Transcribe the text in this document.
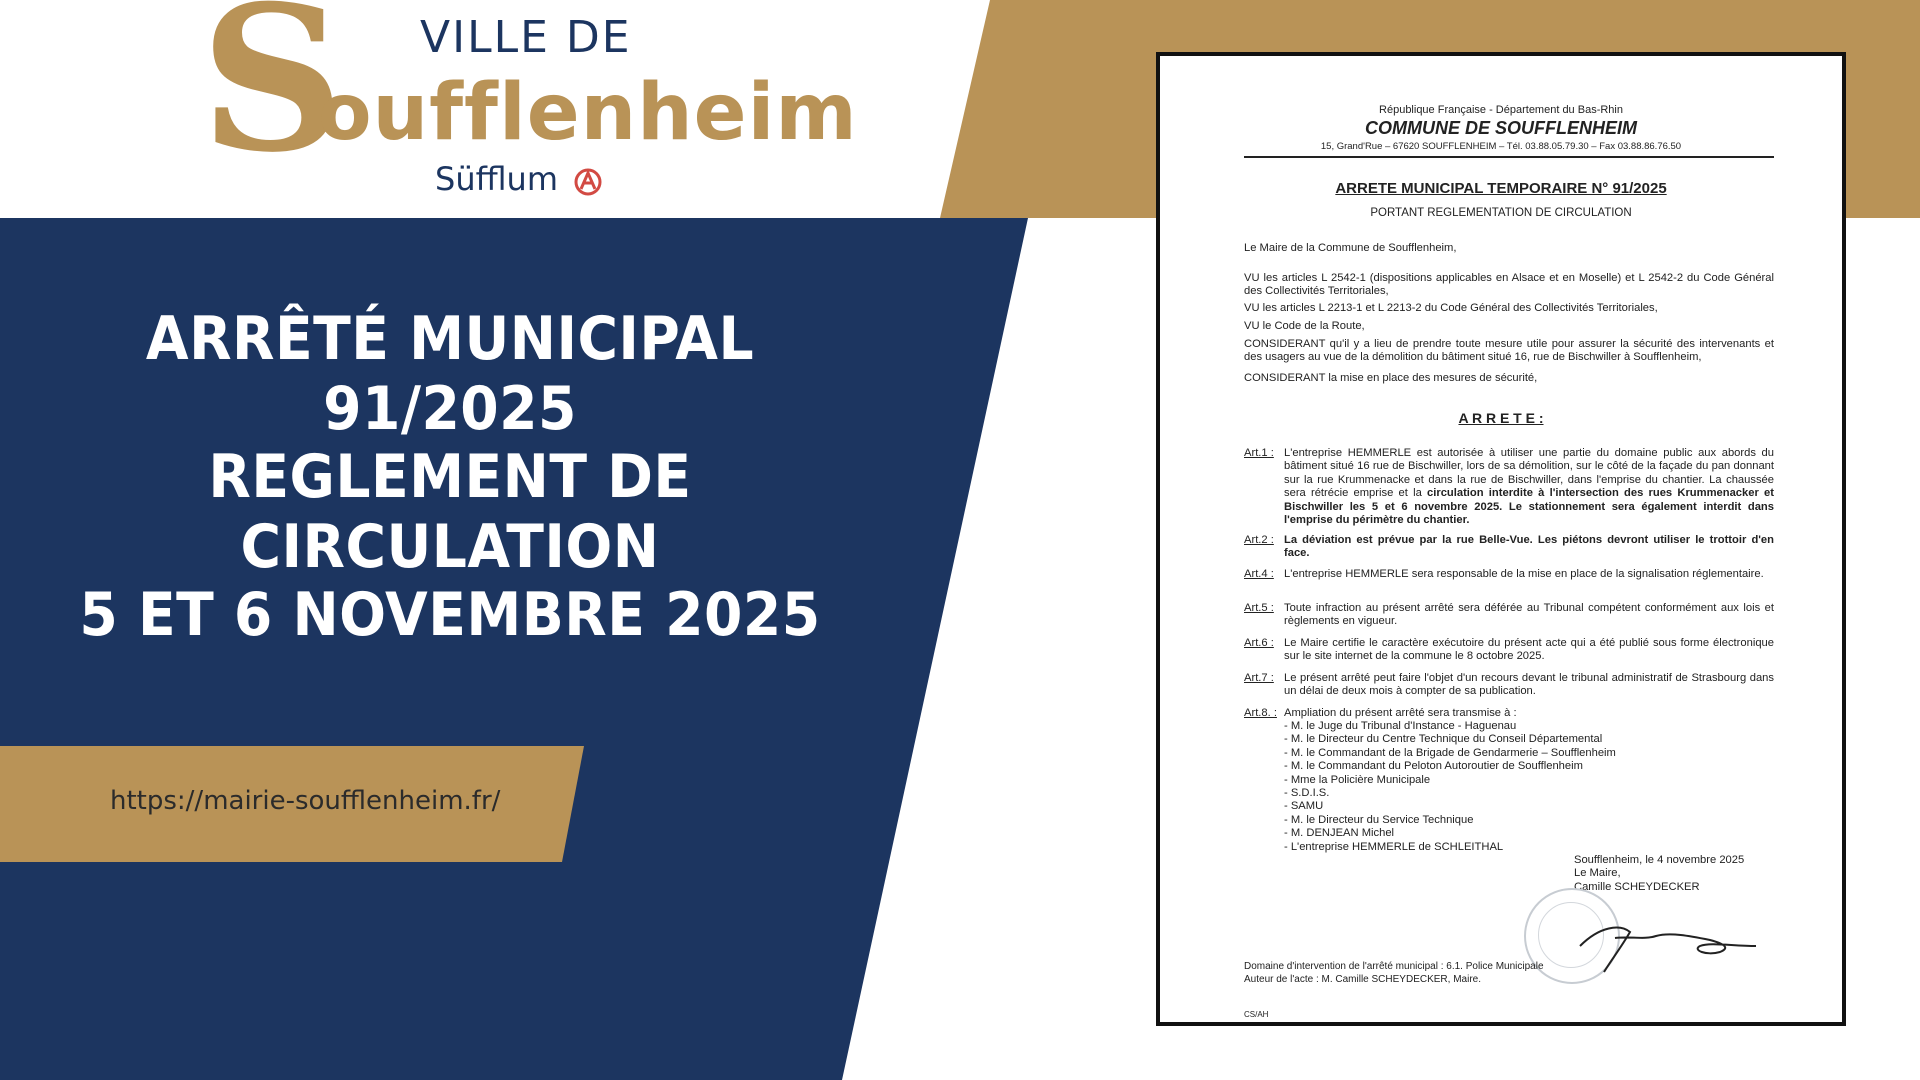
VILLE DE
S
oufflenheim
Süfflum
ARRÊTÉ MUNICIPAL 91/2025
REGLEMENT DE CIRCULATION
5 ET 6 NOVEMBRE 2025
https://mairie-soufflenheim.fr/
République Française - Département du Bas-Rhin
COMMUNE DE SOUFFLENHEIM
15, Grand'Rue – 67620 SOUFFLENHEIM – Tél. 03.88.05.79.30 – Fax 03.88.86.76.50
ARRETE MUNICIPAL TEMPORAIRE N° 91/2025
PORTANT REGLEMENTATION DE CIRCULATION
Le Maire de la Commune de Soufflenheim,
VU les articles L 2542-1 (dispositions applicables en Alsace et en Moselle) et L 2542-2 du Code Général des Collectivités Territoriales,
VU les articles L 2213-1 et L 2213-2 du Code Général des Collectivités Territoriales,
VU le Code de la Route,
CONSIDERANT qu'il y a lieu de prendre toute mesure utile pour assurer la sécurité des intervenants et des usagers au vue de la démolition du bâtiment situé 16, rue de Bischwiller à Soufflenheim,
CONSIDERANT la mise en place des mesures de sécurité,
A R R E T E :
Art.1 : L'entreprise HEMMERLE est autorisée à utiliser une partie du domaine public aux abords du bâtiment situé 16 rue de Bischwiller, lors de sa démolition, sur le côté de la façade du pan donnant sur la rue Krummenacke et dans la rue de Bischwiller, dans l'emprise du chantier. La chaussée sera rétrécie emprise et la circulation interdite à l'intersection des rues Krummenacker et Bischwiller les 5 et 6 novembre 2025. Le stationnement sera également interdit dans l'emprise du périmètre du chantier.
Art.2 : La déviation est prévue par la rue Belle-Vue. Les piétons devront utiliser le trottoir d'en face.
Art.4 : L'entreprise HEMMERLE sera responsable de la mise en place de la signalisation réglementaire.
Art.5 : Toute infraction au présent arrêté sera déférée au Tribunal compétent conformément aux lois et règlements en vigueur.
Art.6 : Le Maire certifie le caractère exécutoire du présent acte qui a été publié sous forme électronique sur le site internet de la commune le 8 octobre 2025.
Art.7 : Le présent arrêté peut faire l'objet d'un recours devant le tribunal administratif de Strasbourg dans un délai de deux mois à compter de sa publication.
Art.8. : Ampliation du présent arrêté sera transmise à :
- M. le Juge du Tribunal d'Instance - Haguenau
- M. le Directeur du Centre Technique du Conseil Départemental
- M. le Commandant de la Brigade de Gendarmerie – Soufflenheim
- M. le Commandant du Peloton Autoroutier de Soufflenheim
- Mme la Policière Municipale
- S.D.I.S.
- SAMU
- M. le Directeur du Service Technique
- M. DENJEAN Michel
- L'entreprise HEMMERLE de SCHLEITHAL
Soufflenheim, le 4 novembre 2025
Le Maire,
Camille SCHEYDECKER
Domaine d'intervention de l'arrêté municipal : 6.1. Police Municipale
Auteur de l'acte : M. Camille SCHEYDECKER, Maire.
CS/AH
